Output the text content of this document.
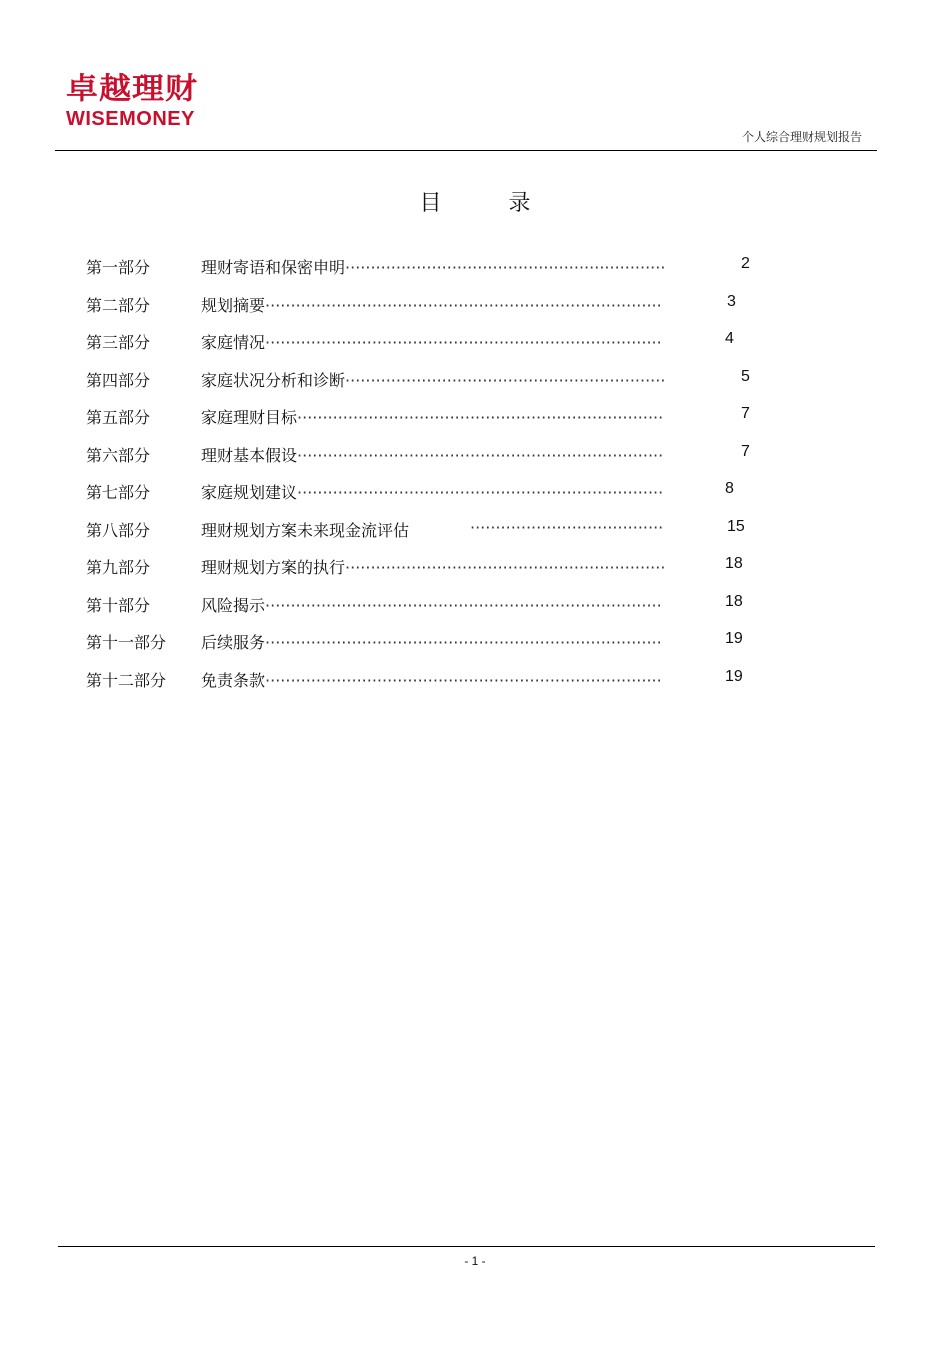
卓越理财
WISEMONEY
个人综合理财规划报告
目	录
第一部分	理财寄语和保密申明·······························································	2
第二部分	规划摘要··············································································	3
第三部分	家庭情况··············································································	4
第四部分	家庭状况分析和诊断·······························································	5
第五部分	家庭理财目标········································································	7
第六部分	理财基本假设········································································	7
第七部分	家庭规划建议········································································	8
第八部分	理财规划方案未来现金流评估	······································	15
第九部分	理财规划方案的执行·······························································	18
第十部分	风险揭示··············································································	18
第十一部分 后续服务··············································································	19
第十二部分 免责条款··············································································	19
- 1 -
